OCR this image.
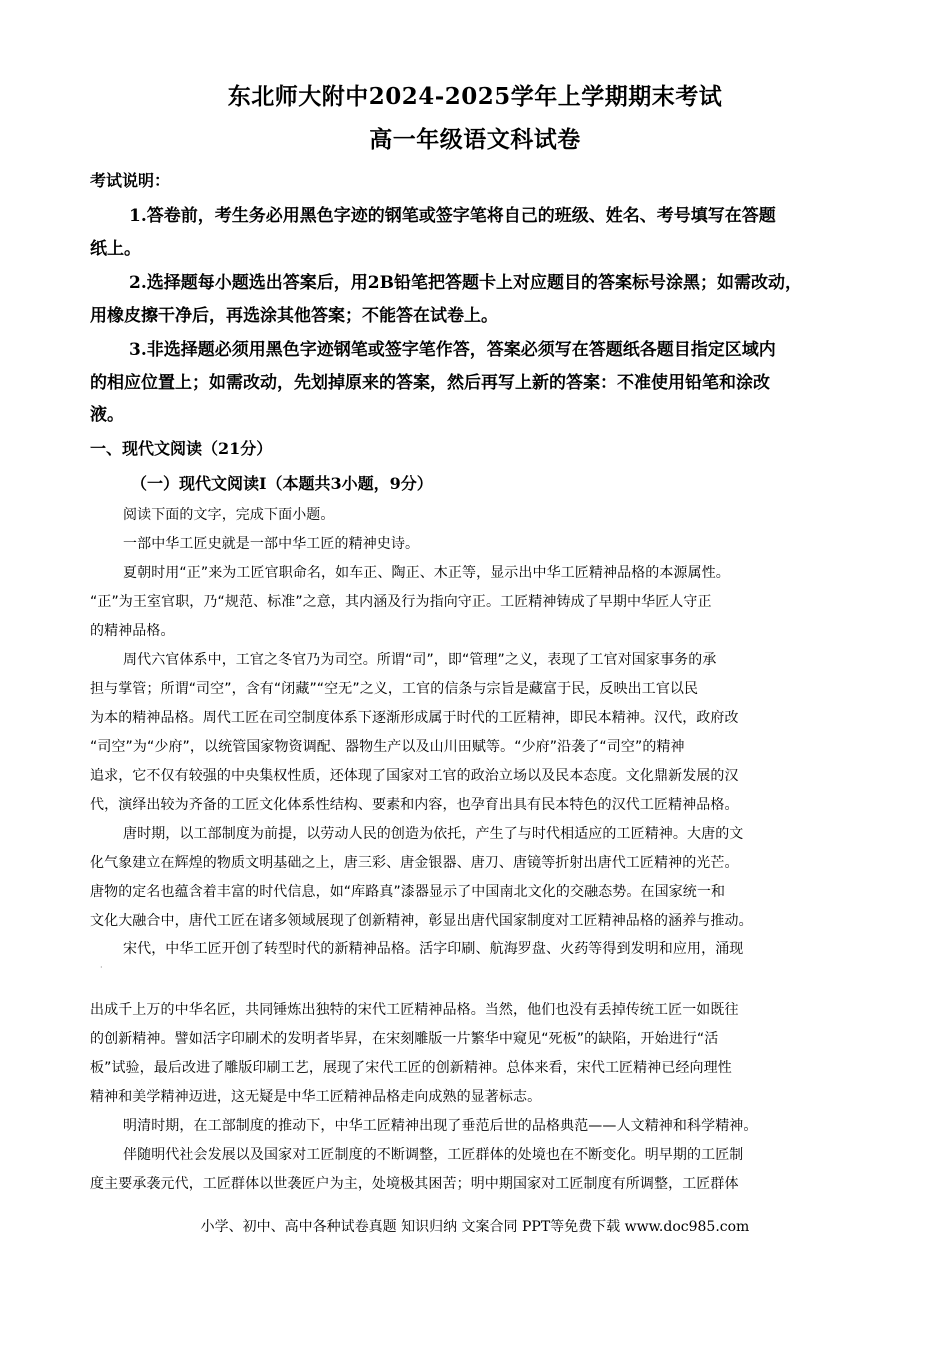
东北师大附中2024-2025学年上学期期末考试
高一年级语文科试卷
考试说明：
1.答卷前，考生务必用黑色字迹的钢笔或签字笔将自己的班级、姓名、考号填写在答题
纸上。
2.选择题每小题选出答案后，用2B铅笔把答题卡上对应题目的答案标号涂黑；如需改动，
用橡皮擦干净后，再选涂其他答案；不能答在试卷上。
3.非选择题必须用黑色字迹钢笔或签字笔作答，答案必须写在答题纸各题目指定区域内
的相应位置上；如需改动，先划掉原来的答案，然后再写上新的答案：不准使用铅笔和涂改
液。
一、现代文阅读（21分）
（一）现代文阅读Ⅰ（本题共3小题，9分）
阅读下面的文字，完成下面小题。
一部中华工匠史就是一部中华工匠的精神史诗。
夏朝时用“正”来为工匠官职命名，如车正、陶正、木正等，显示出中华工匠精神品格的本源属性。
“正”为王室官职，乃“规范、标准”之意，其内涵及行为指向守正。工匠精神铸成了早期中华匠人守正
的精神品格。
周代六官体系中，工官之冬官乃为司空。所谓“司”，即“管理”之义，表现了工官对国家事务的承
担与掌管；所谓“司空”，含有“闭藏”“空无”之义，工官的信条与宗旨是藏富于民，反映出工官以民
为本的精神品格。周代工匠在司空制度体系下逐渐形成属于时代的工匠精神，即民本精神。汉代，政府改
“司空”为“少府”，以统管国家物资调配、器物生产以及山川田赋等。“少府”沿袭了“司空”的精神
追求，它不仅有较强的中央集权性质，还体现了国家对工官的政治立场以及民本态度。文化鼎新发展的汉
代，演绎出较为齐备的工匠文化体系性结构、要素和内容，也孕育出具有民本特色的汉代工匠精神品格。
唐时期，以工部制度为前提，以劳动人民的创造为依托，产生了与时代相适应的工匠精神。大唐的文
化气象建立在辉煌的物质文明基础之上，唐三彩、唐金银器、唐刀、唐镜等折射出唐代工匠精神的光芒。
唐物的定名也蕴含着丰富的时代信息，如“库路真”漆器显示了中国南北文化的交融态势。在国家统一和
文化大融合中，唐代工匠在诸多领域展现了创新精神，彰显出唐代国家制度对工匠精神品格的涵养与推动。
宋代，中华工匠开创了转型时代的新精神品格。活字印刷、航海罗盘、火药等得到发明和应用，涌现
·
出成千上万的中华名匠，共同锤炼出独特的宋代工匠精神品格。当然，他们也没有丢掉传统工匠一如既往
的创新精神。譬如活字印刷术的发明者毕昇，在宋刻雕版一片繁华中窥见“死板”的缺陷，开始进行“活
板”试验，最后改进了雕版印刷工艺，展现了宋代工匠的创新精神。总体来看，宋代工匠精神已经向理性
精神和美学精神迈进，这无疑是中华工匠精神品格走向成熟的显著标志。
明清时期，在工部制度的推动下，中华工匠精神出现了垂范后世的品格典范——人文精神和科学精神。
伴随明代社会发展以及国家对工匠制度的不断调整，工匠群体的处境也在不断变化。明早期的工匠制
度主要承袭元代，工匠群体以世袭匠户为主，处境极其困苦；明中期国家对工匠制度有所调整，工匠群体
小学、初中、高中各种试卷真题 知识归纳 文案合同 PPT等免费下载 www.doc985.com
